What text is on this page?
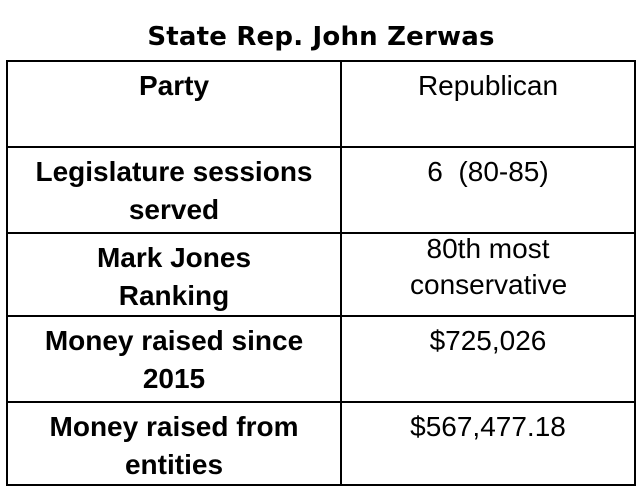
State Rep. John Zerwas
Party	Republican

Legislature sessions served	6  (80-85)

Mark Jones Ranking	80th most conservative

Money raised since 2015	$725,026

Money raised from entities	$567,477.18
